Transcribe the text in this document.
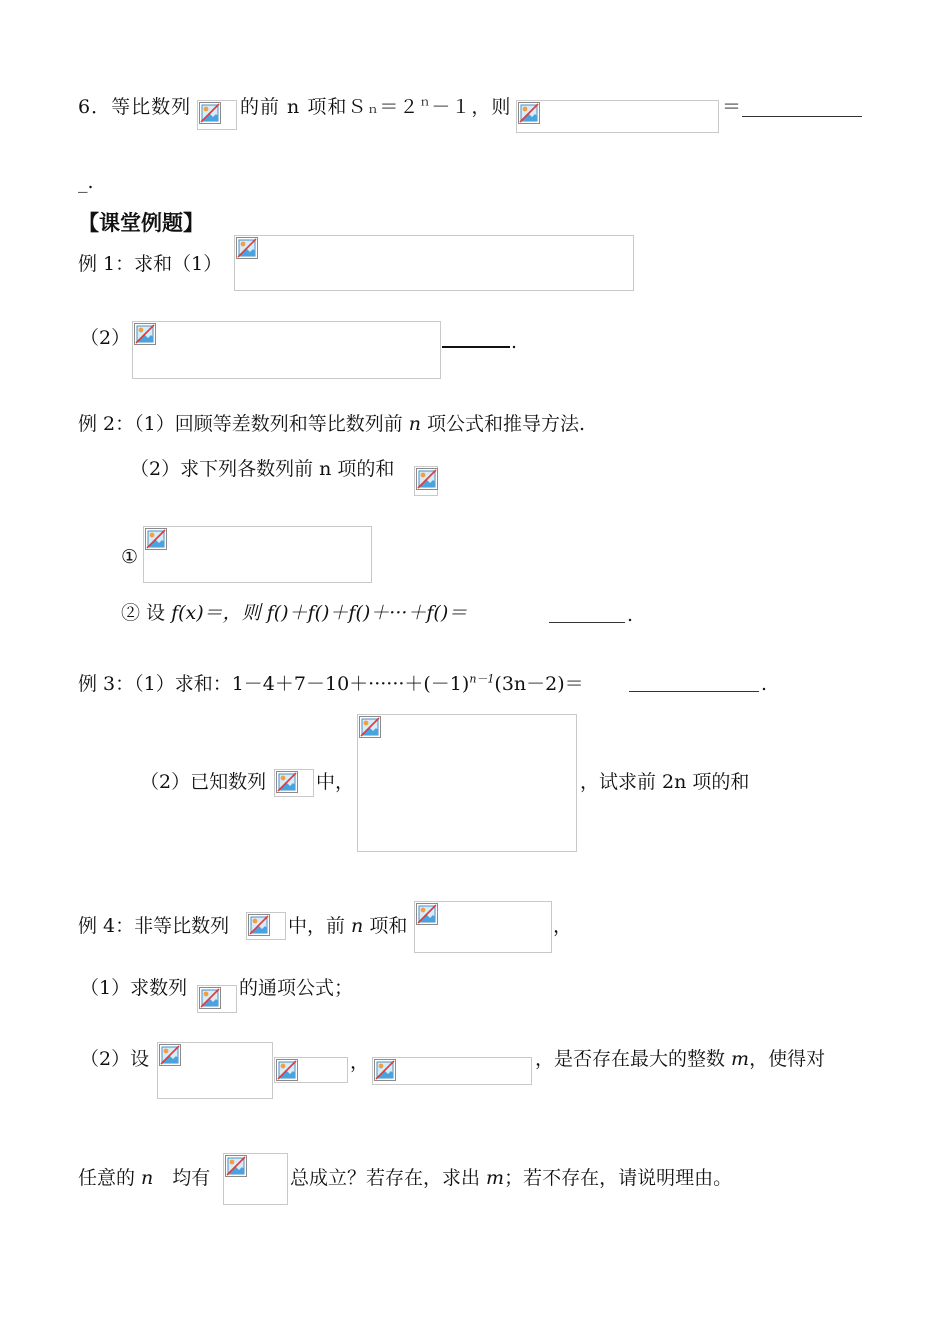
6．等比数列	的前 n 项和$Sn=2^n-1$，则	＝
_.
【课堂例题】
例 1：求和（1）
（2）	.
例 2：（1）回顾等差数列和等比数列前 n 项公式和推导方法.
（2）求下列各数列前 n 项的和
①
② 设 f(x)＝，则 f()＋f()＋f()＋···＋f()＝	.
例 3：（1）求和：$1-4+7-10+\cdot\cdot\cdot\cdot\cdot\cdot+(-1)^{n-1}(3n-2)=$	.
（2）已知数列	中，	，试求前 2n 项的和
例 4：非等比数列	中，前 n 项和	，
（1）求数列	的通项公式；
（2）设	，	，是否存在最大的整数 m，使得对
任意的 n　均有	总成立？若存在，求出 m；若不存在，请说明理由。
